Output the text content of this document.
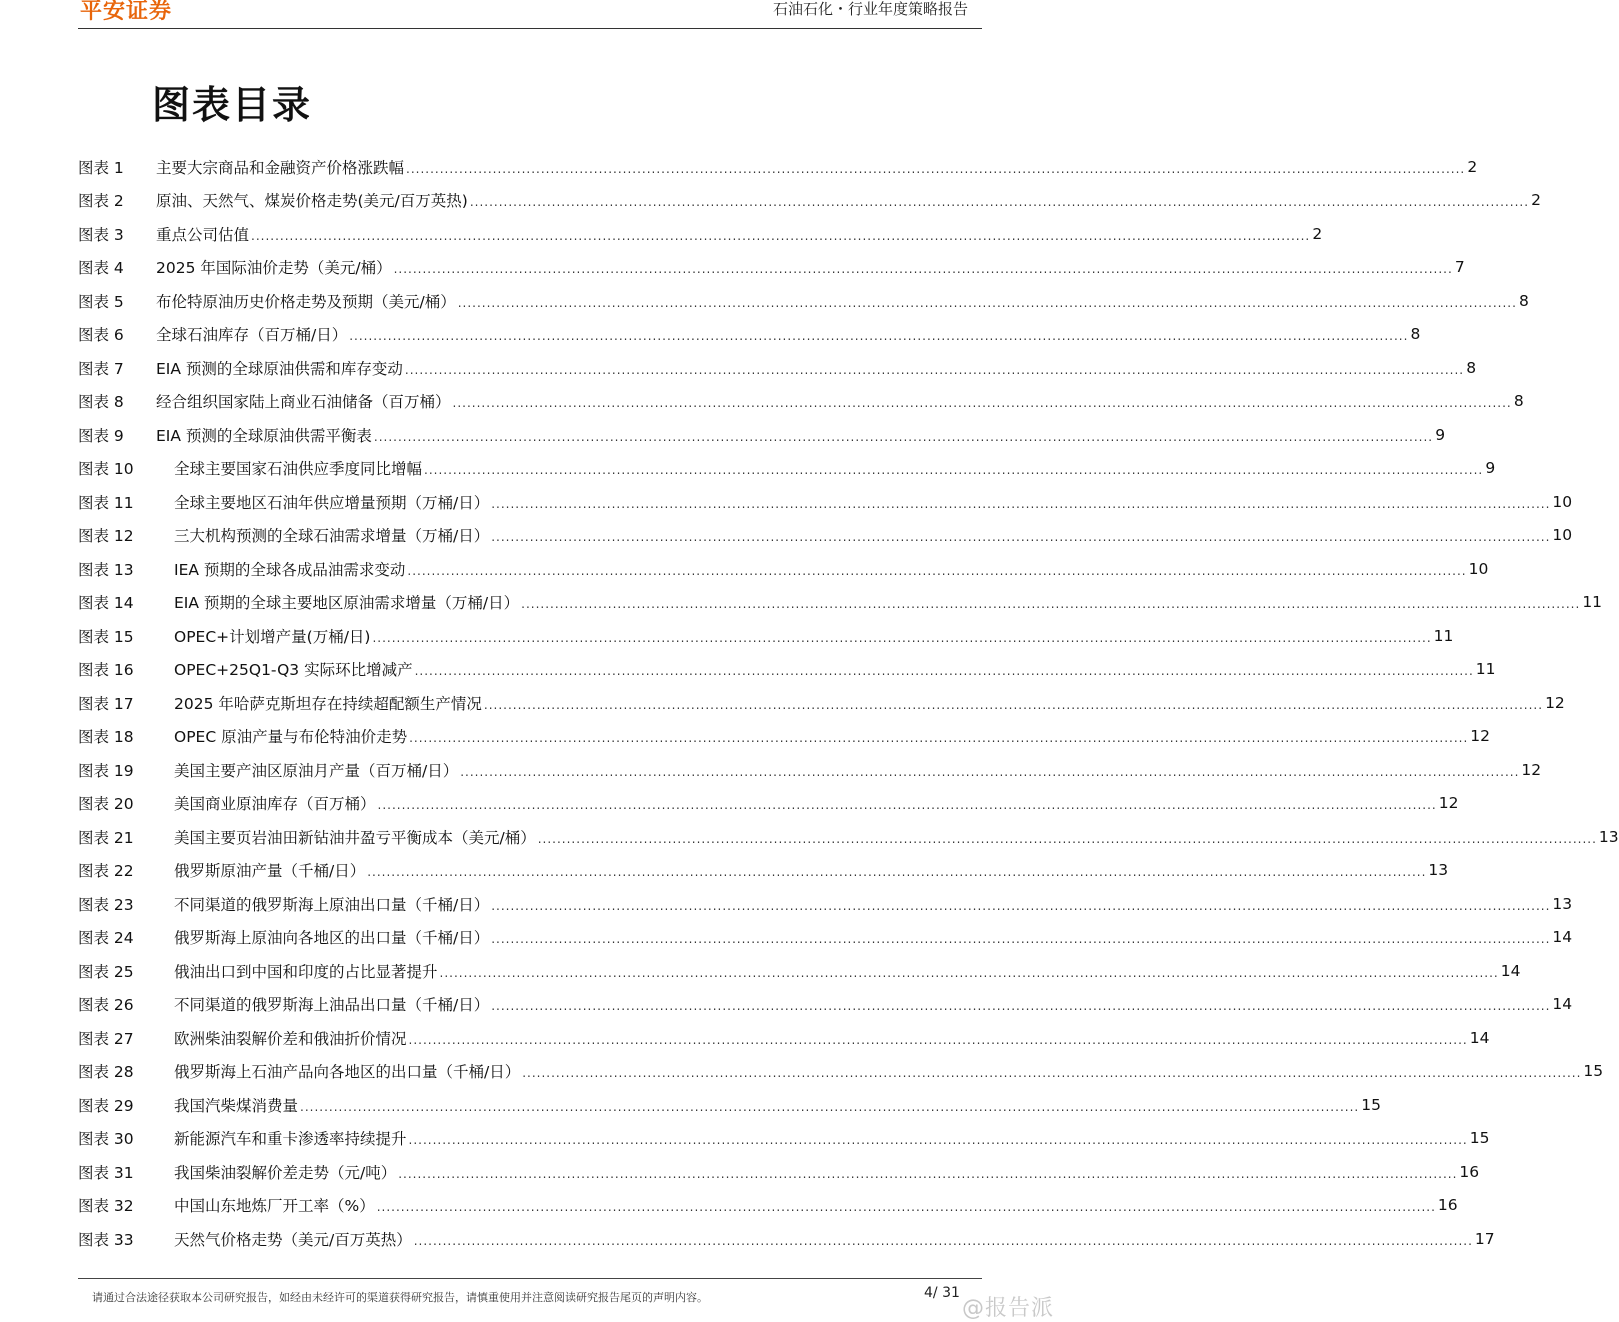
平安证券	石油石化・行业年度策略报告
图表目录
图表 1	主要大宗商品和金融资产价格涨跌幅 ............................................................................................................................................................................................................................ 2
图表 2	原油、天然气、煤炭价格走势(美元/百万英热) ............................................................................................................................................................................................................................ 2
图表 3	重点公司估值 ............................................................................................................................................................................................................................ 2
图表 4	2025 年国际油价走势（美元/桶） ............................................................................................................................................................................................................................ 7
图表 5	布伦特原油历史价格走势及预期（美元/桶） ............................................................................................................................................................................................................................ 8
图表 6	全球石油库存（百万桶/日） ............................................................................................................................................................................................................................ 8
图表 7	EIA 预测的全球原油供需和库存变动 ............................................................................................................................................................................................................................ 8
图表 8	经合组织国家陆上商业石油储备（百万桶） ............................................................................................................................................................................................................................ 8
图表 9	EIA 预测的全球原油供需平衡表 ............................................................................................................................................................................................................................ 9
图表 10	全球主要国家石油供应季度同比增幅 ............................................................................................................................................................................................................................ 9
图表 11	全球主要地区石油年供应增量预期（万桶/日） ............................................................................................................................................................................................................................ 10
图表 12	三大机构预测的全球石油需求增量（万桶/日） ............................................................................................................................................................................................................................ 10
图表 13	IEA 预期的全球各成品油需求变动 ............................................................................................................................................................................................................................ 10
图表 14	EIA 预期的全球主要地区原油需求增量（万桶/日） ............................................................................................................................................................................................................................ 11
图表 15	OPEC+计划增产量(万桶/日) ............................................................................................................................................................................................................................ 11
图表 16	OPEC+25Q1-Q3 实际环比增减产 ............................................................................................................................................................................................................................ 11
图表 17	2025 年哈萨克斯坦存在持续超配额生产情况 ............................................................................................................................................................................................................................ 12
图表 18	OPEC 原油产量与布伦特油价走势 ............................................................................................................................................................................................................................ 12
图表 19	美国主要产油区原油月产量（百万桶/日） ............................................................................................................................................................................................................................ 12
图表 20	美国商业原油库存（百万桶） ............................................................................................................................................................................................................................ 12
图表 21	美国主要页岩油田新钻油井盈亏平衡成本（美元/桶） ............................................................................................................................................................................................................................ 13
图表 22	俄罗斯原油产量（千桶/日） ............................................................................................................................................................................................................................ 13
图表 23	不同渠道的俄罗斯海上原油出口量（千桶/日） ............................................................................................................................................................................................................................ 13
图表 24	俄罗斯海上原油向各地区的出口量（千桶/日） ............................................................................................................................................................................................................................ 14
图表 25	俄油出口到中国和印度的占比显著提升 ............................................................................................................................................................................................................................ 14
图表 26	不同渠道的俄罗斯海上油品出口量（千桶/日） ............................................................................................................................................................................................................................ 14
图表 27	欧洲柴油裂解价差和俄油折价情况 ............................................................................................................................................................................................................................ 14
图表 28	俄罗斯海上石油产品向各地区的出口量（千桶/日） ............................................................................................................................................................................................................................ 15
图表 29	我国汽柴煤消费量 ............................................................................................................................................................................................................................ 15
图表 30	新能源汽车和重卡渗透率持续提升 ............................................................................................................................................................................................................................ 15
图表 31	我国柴油裂解价差走势（元/吨） ............................................................................................................................................................................................................................ 16
图表 32	中国山东地炼厂开工率（%） ............................................................................................................................................................................................................................ 16
图表 33	天然气价格走势（美元/百万英热） ............................................................................................................................................................................................................................ 17
请通过合法途径获取本公司研究报告，如经由未经许可的渠道获得研究报告，请慎重使用并注意阅读研究报告尾页的声明内容。	4/ 31
@报告派
